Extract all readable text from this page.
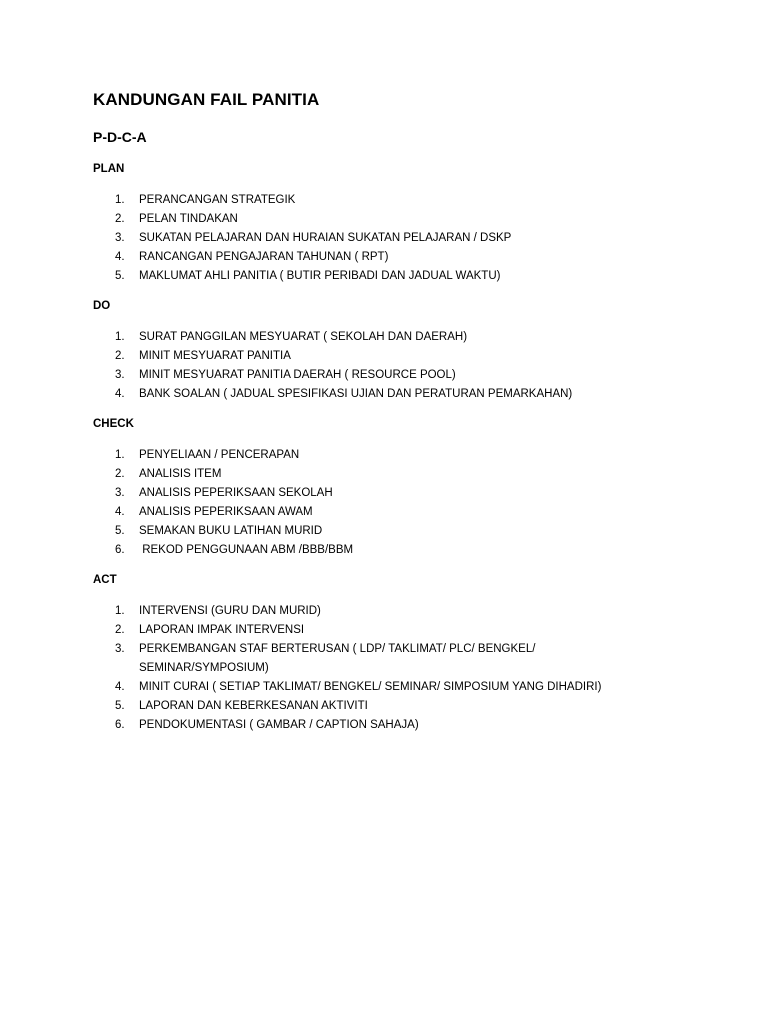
KANDUNGAN FAIL PANITIA
P-D-C-A
PLAN
1.	PERANCANGAN STRATEGIK
2.	PELAN TINDAKAN
3.	SUKATAN PELAJARAN DAN HURAIAN SUKATAN PELAJARAN / DSKP
4.	RANCANGAN PENGAJARAN TAHUNAN ( RPT)
5.	MAKLUMAT AHLI PANITIA ( BUTIR PERIBADI DAN JADUAL WAKTU)
DO
1.	SURAT PANGGILAN MESYUARAT ( SEKOLAH DAN DAERAH)
2.	MINIT MESYUARAT PANITIA
3.	MINIT MESYUARAT PANITIA DAERAH ( RESOURCE POOL)
4.	BANK SOALAN ( JADUAL SPESIFIKASI UJIAN DAN PERATURAN PEMARKAHAN)
CHECK
1.	PENYELIAAN / PENCERAPAN
2.	ANALISIS ITEM
3.	ANALISIS PEPERIKSAAN SEKOLAH
4.	ANALISIS PEPERIKSAAN AWAM
5.	SEMAKAN BUKU LATIHAN MURID
6.	REKOD PENGGUNAAN ABM /BBB/BBM
ACT
1.	INTERVENSI (GURU DAN MURID)
2.	LAPORAN IMPAK INTERVENSI
3.	PERKEMBANGAN STAF BERTERUSAN ( LDP/ TAKLIMAT/ PLC/ BENGKEL/ SEMINAR/SYMPOSIUM)
4.	MINIT CURAI ( SETIAP TAKLIMAT/ BENGKEL/ SEMINAR/ SIMPOSIUM YANG DIHADIRI)
5.	LAPORAN DAN KEBERKESANAN AKTIVITI
6.	PENDOKUMENTASI ( GAMBAR / CAPTION SAHAJA)
